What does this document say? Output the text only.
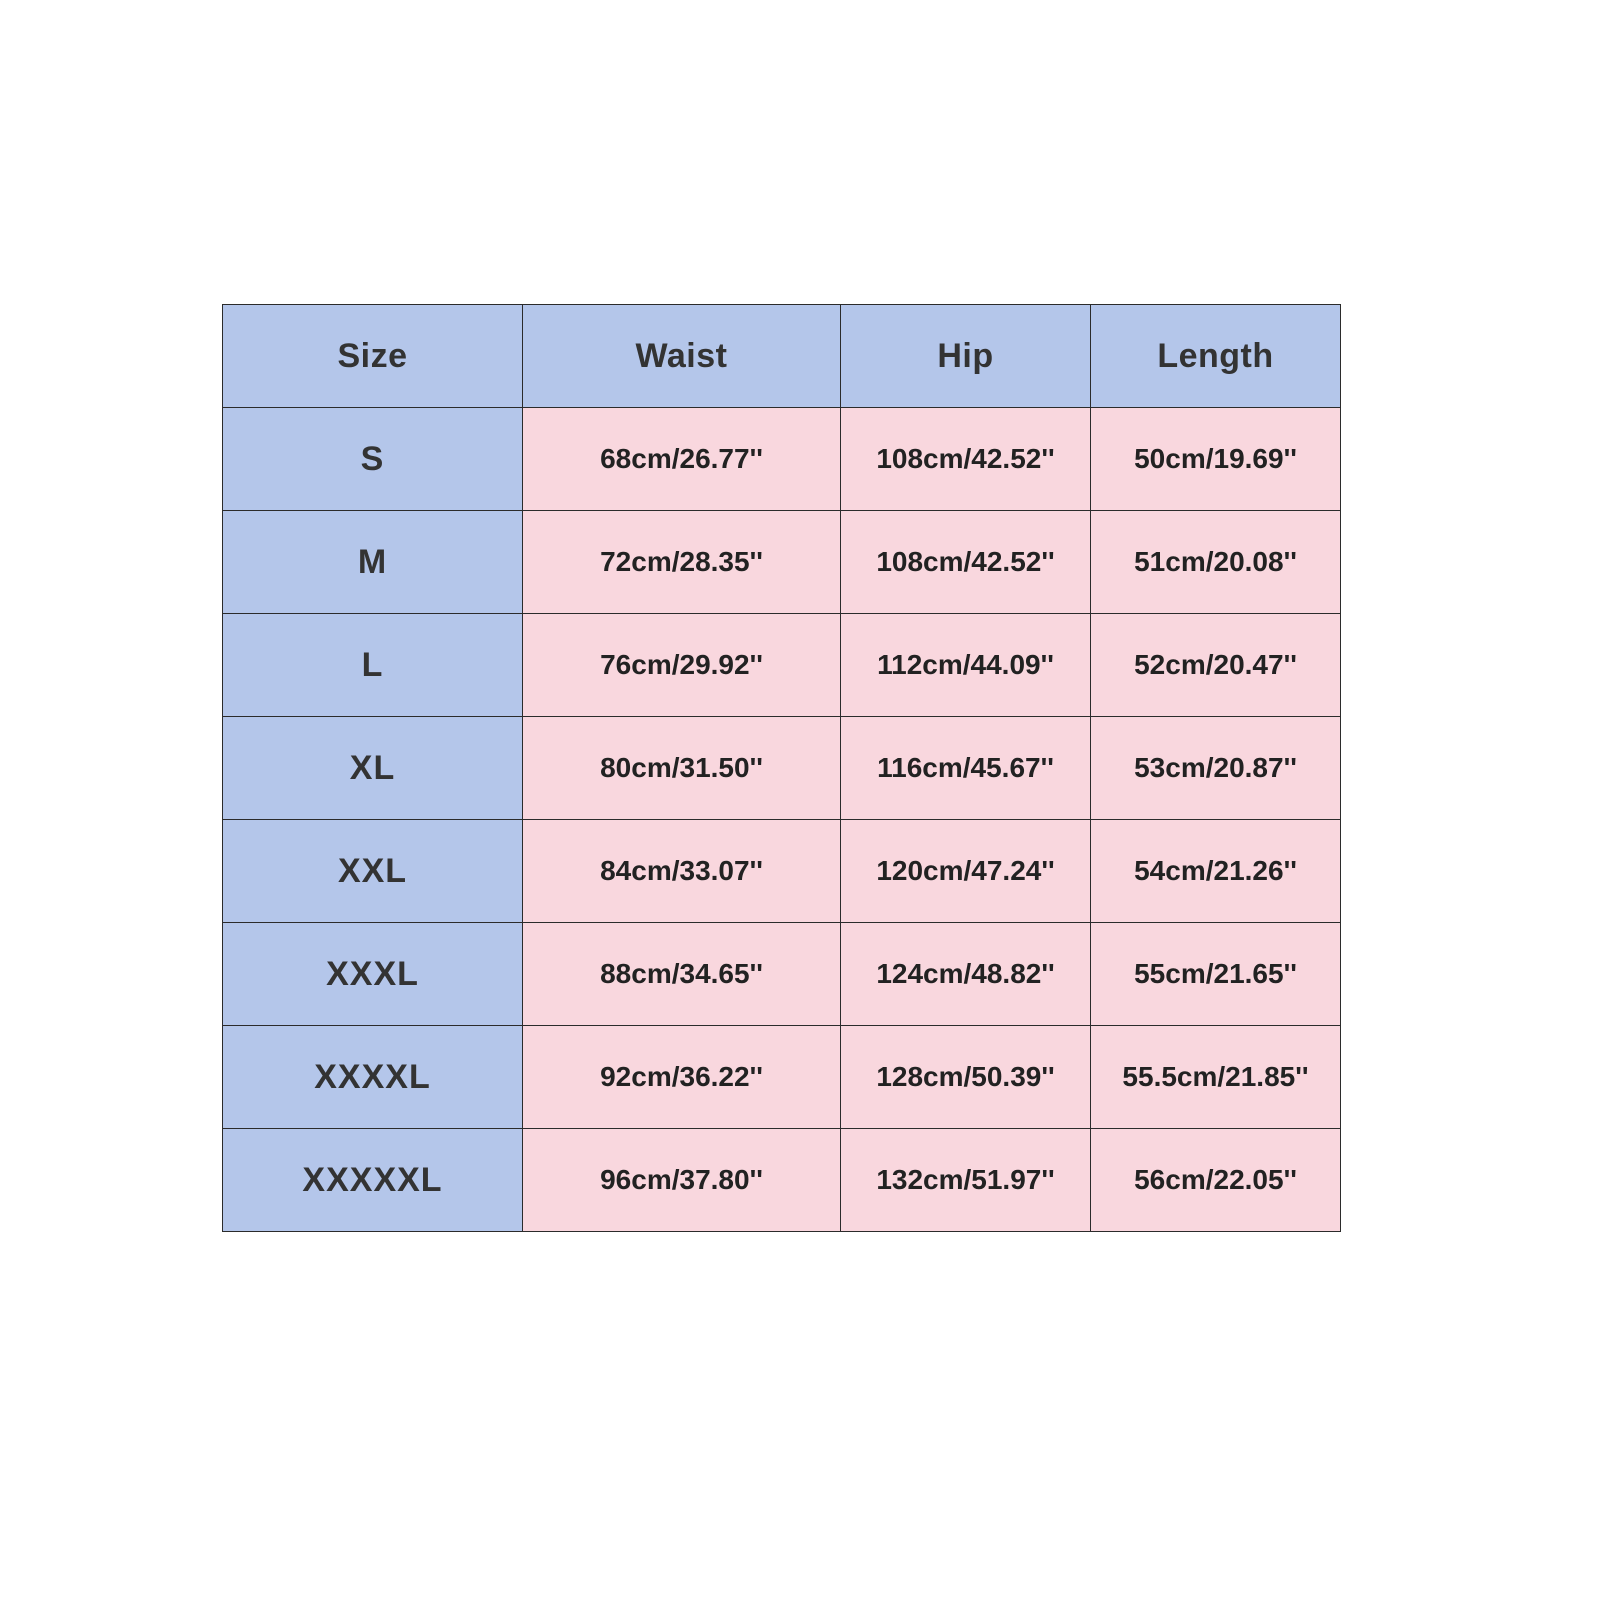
Size	Waist	Hip	Length
S	68cm/26.77''	108cm/42.52''	50cm/19.69''
M	72cm/28.35''	108cm/42.52''	51cm/20.08''
L	76cm/29.92''	112cm/44.09''	52cm/20.47''
XL	80cm/31.50''	116cm/45.67''	53cm/20.87''
XXL	84cm/33.07''	120cm/47.24''	54cm/21.26''
XXXL	88cm/34.65''	124cm/48.82''	55cm/21.65''
XXXXL	92cm/36.22''	128cm/50.39''	55.5cm/21.85''
XXXXXL	96cm/37.80''	132cm/51.97''	56cm/22.05''
